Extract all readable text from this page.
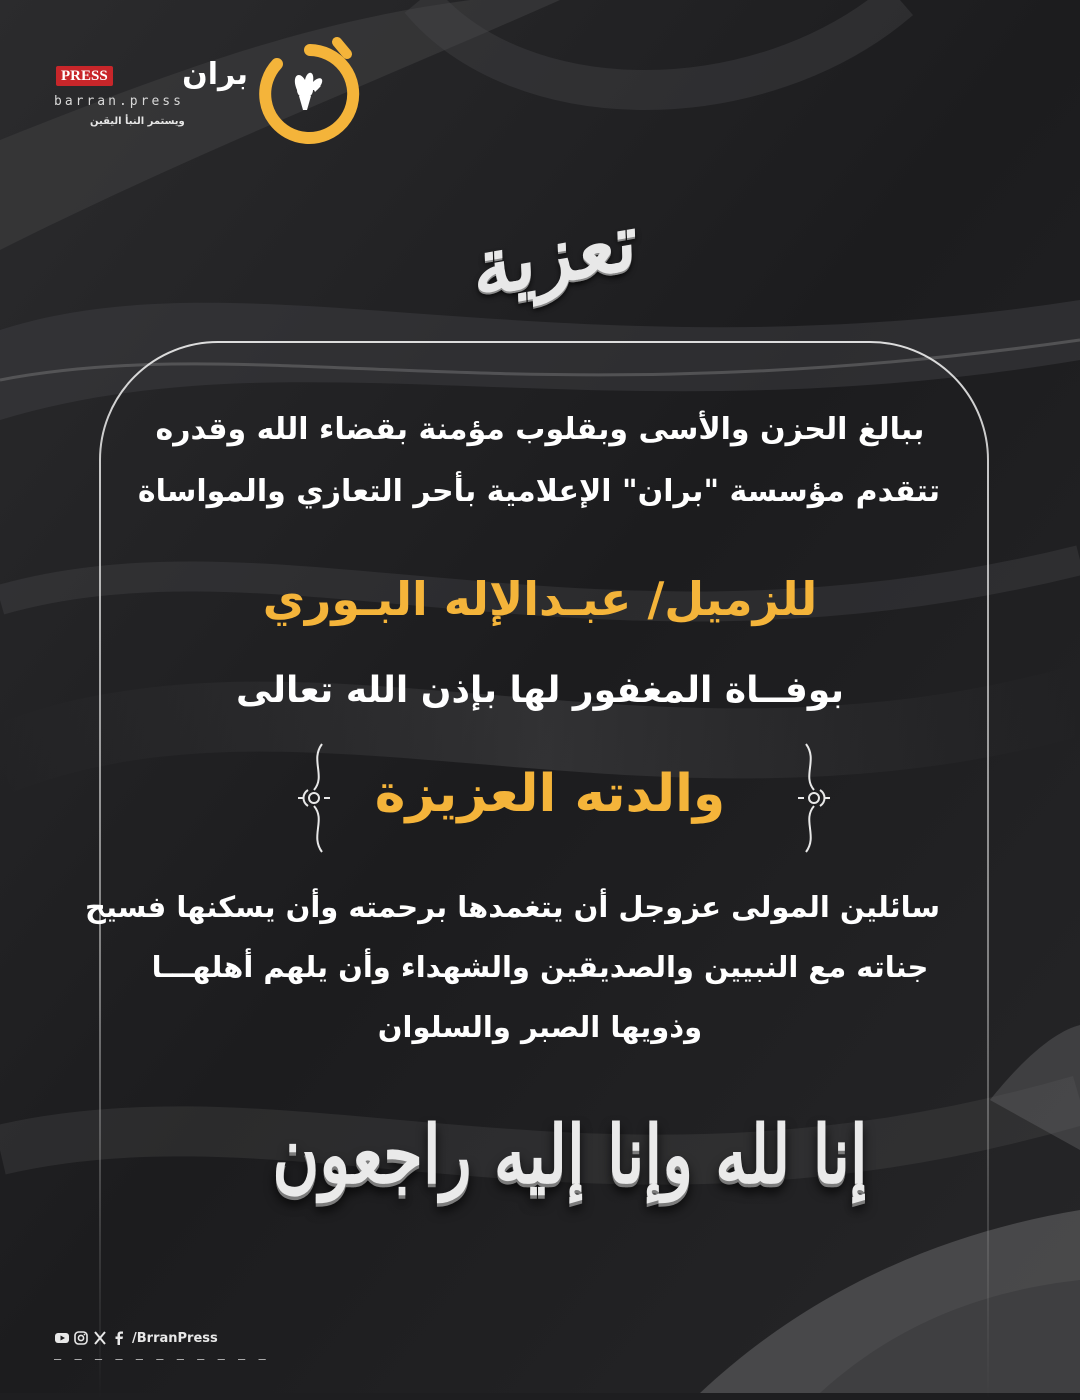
PRESS بران
barran.press
ويستمر النبأ اليقين
تعزية
ببالغ الحزن والأسى وبقلوب مؤمنة بقضاء الله وقدره
تتقدم مؤسسة "بران" الإعلامية بأحر التعازي والمواساة
للزميل/ عبـدالإله البـوري
بوفــاة المغفور لها بإذن الله تعالى
والدته العزيزة
سائلين المولى عزوجل أن يتغمدها برحمته وأن يسكنها فسيح
جناته مع النبيين والصديقين والشهداء وأن يلهم أهلهـــا
وذويها الصبر والسلوان
إنا لله وإنا إليه راجعون
/BrranPress
– – – – – – – – – – –
